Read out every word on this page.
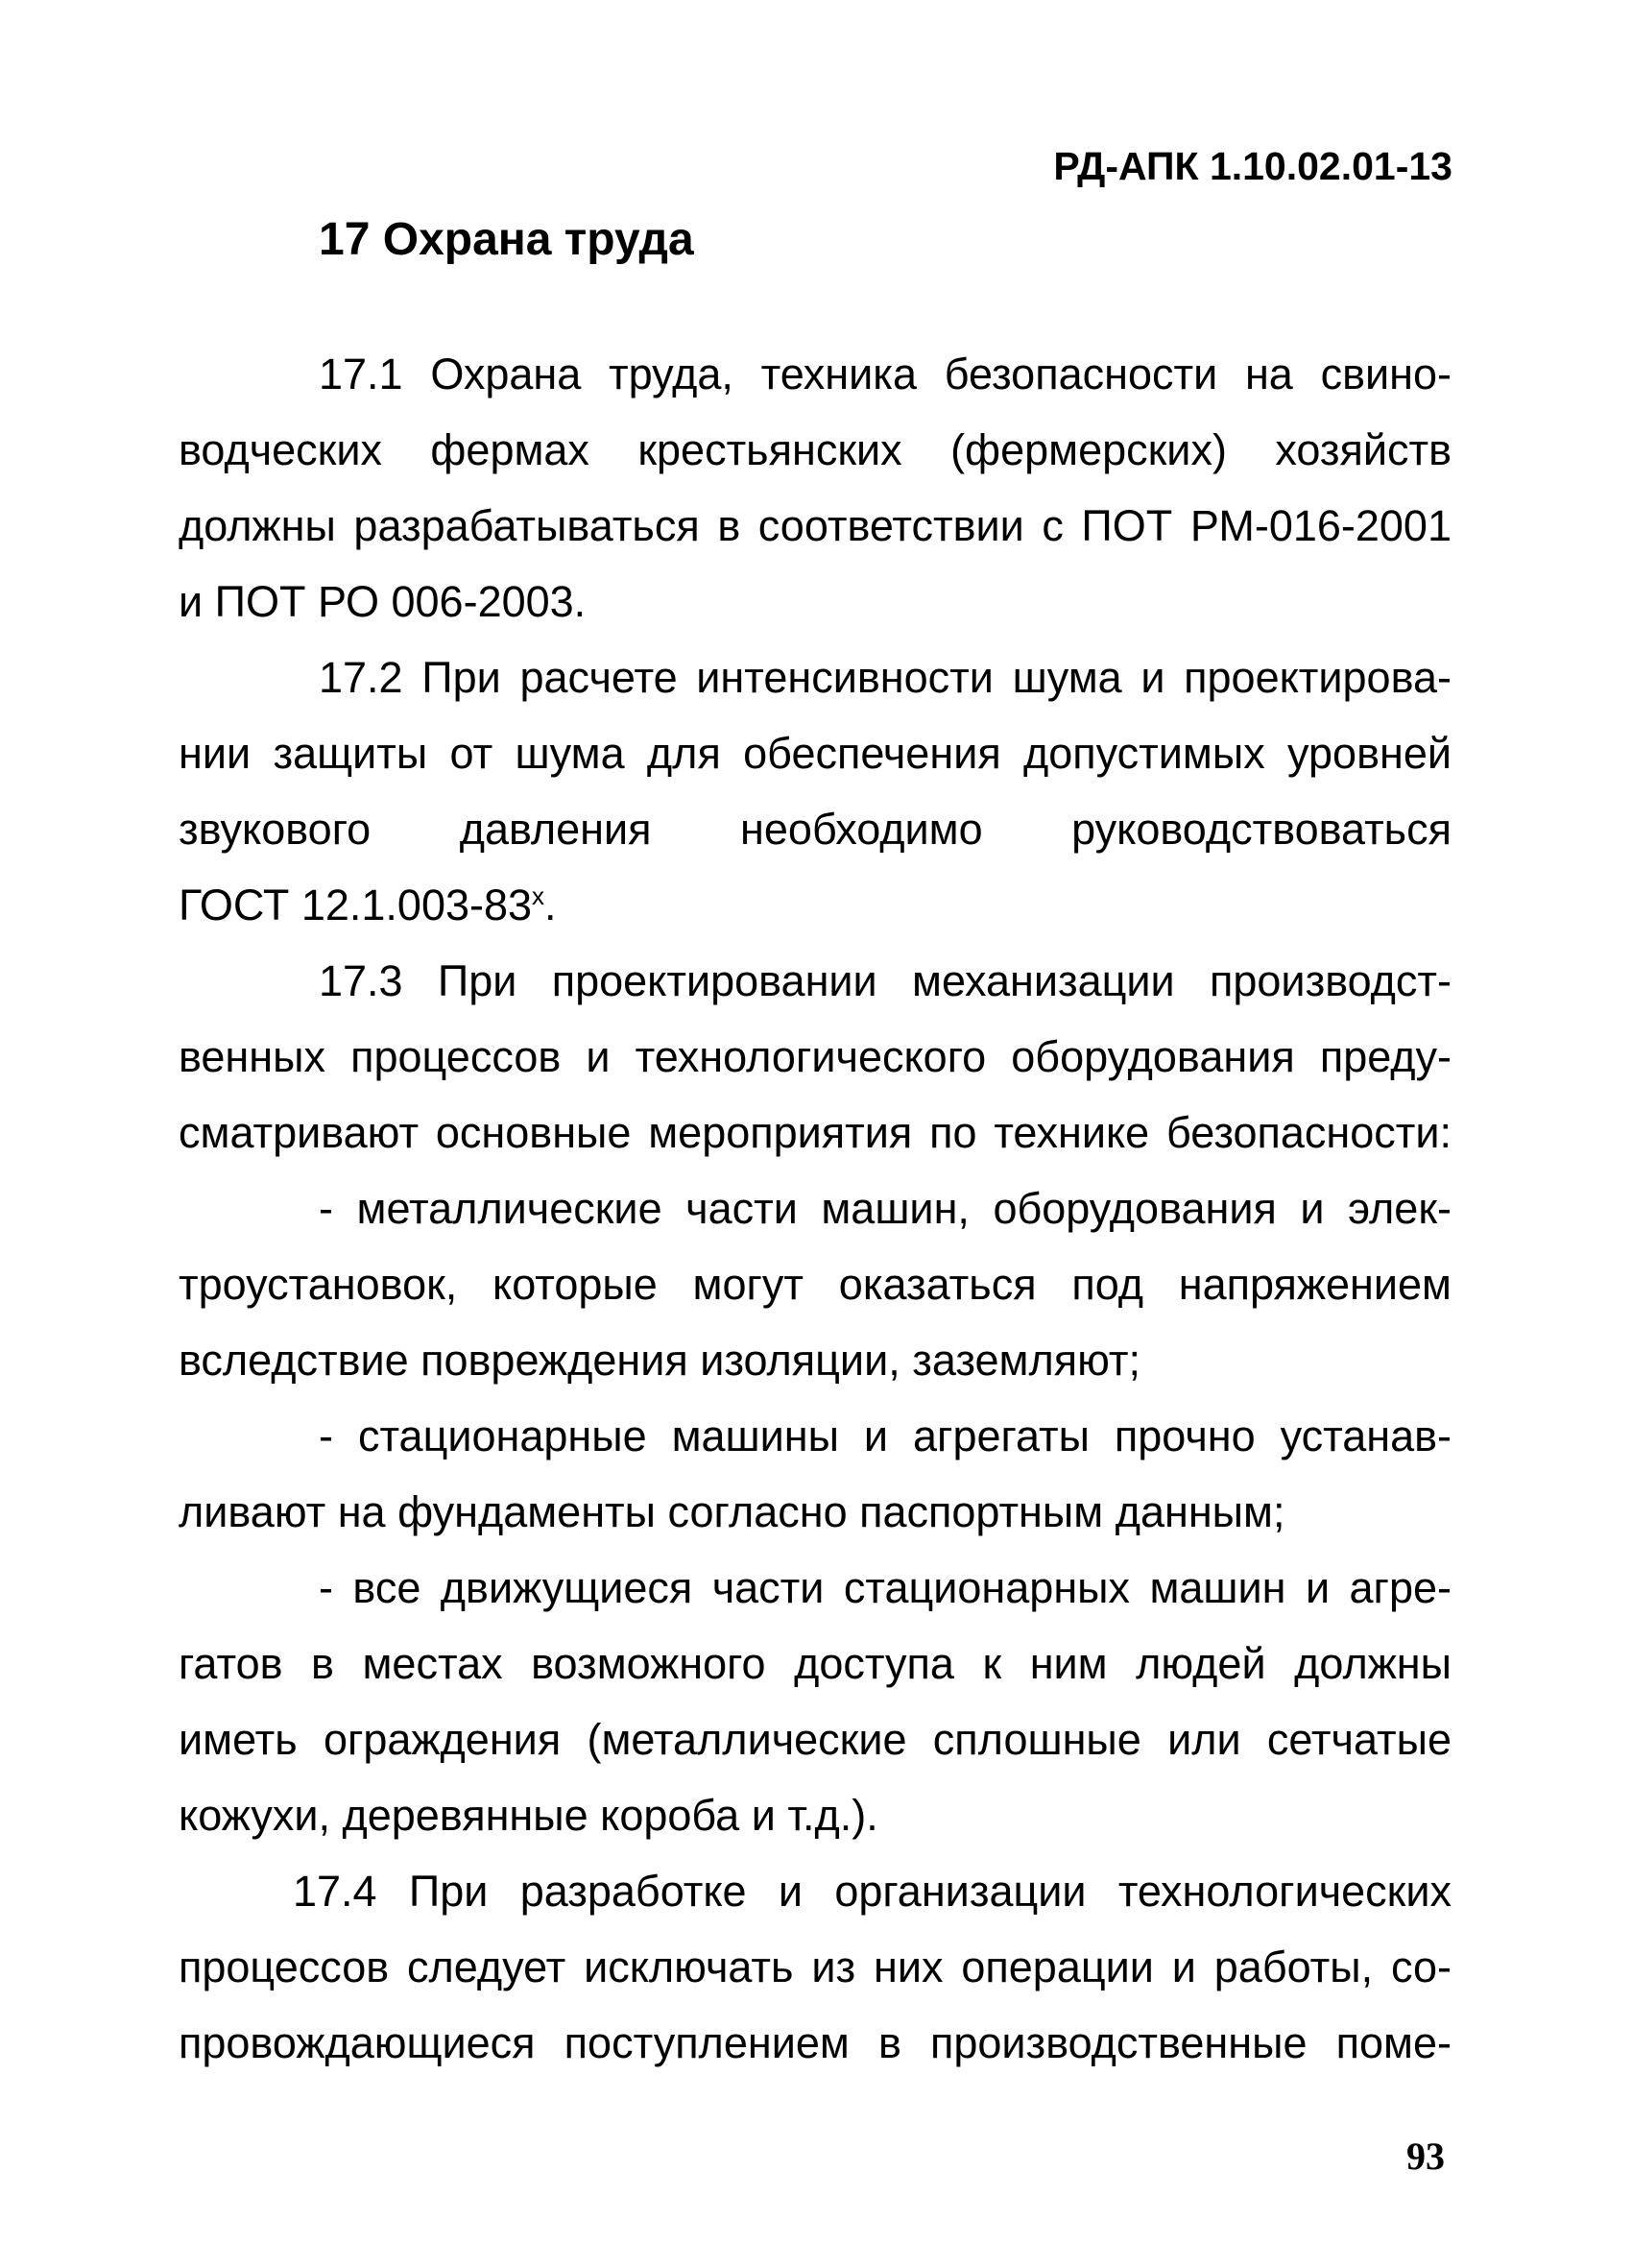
РД-АПК 1.10.02.01-13
17 Охрана труда
17.1 Охрана труда, техника безопасности на свино-
водческих фермах крестьянских (фермерских) хозяйств
должны разрабатываться в соответствии с ПОТ РМ-016-2001
и ПОТ РО 006-2003.
17.2 При расчете интенсивности шума и проектирова-
нии защиты от шума для обеспечения допустимых уровней
звукового давления необходимо руководствоваться
ГОСТ $12.1.003-83^х$.
17.3 При проектировании механизации производст-
венных процессов и технологического оборудования преду-
сматривают основные мероприятия по технике безопасности:
- металлические части машин, оборудования и элек-
троустановок, которые могут оказаться под напряжением
вследствие повреждения изоляции, заземляют;
- стационарные машины и агрегаты прочно устанав-
ливают на фундаменты согласно паспортным данным;
- все движущиеся части стационарных машин и агре-
гатов в местах возможного доступа к ним людей должны
иметь ограждения (металлические сплошные или сетчатые
кожухи, деревянные короба и т.д.).
17.4 При разработке и организации технологических
процессов следует исключать из них операции и работы, со-
провождающиеся поступлением в производственные поме-
93
